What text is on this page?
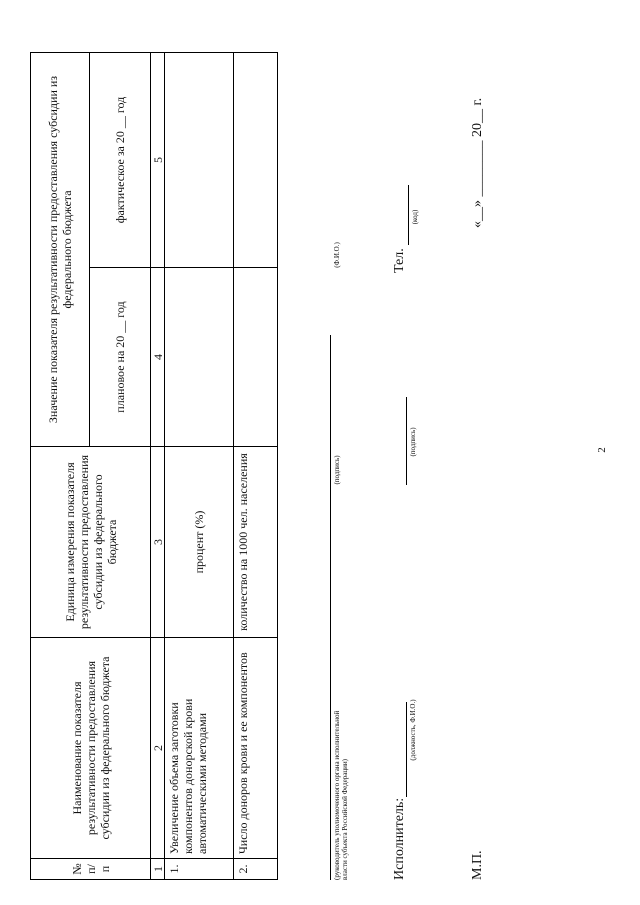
2
№ п/п
Наименование показателя результативности предоставления субсидии из федерального бюджета
Единица измерения показателя результативности предоставления субсидии из федерального бюджета
Значение показателя результативности предоставления субсидии из федерального бюджета
плановое на 20 __ год
фактическое за 20 __ год
1
2
3
4
5
1.
Увеличение объема заготовки компонентов донорской крови автоматическими методами
процент (%)
2.
Число доноров крови и ее компонентов
количество на 1000 чел. населения
(руководитель уполномоченного органа исполнительной власти субъекта Российской Федерации)
(подпись)
(Ф.И.О.)
Исполнитель:
(должность, Ф.И.О.)
(подпись)
Тел.
(код)
М.П.
«__» ________ 20__ г.
